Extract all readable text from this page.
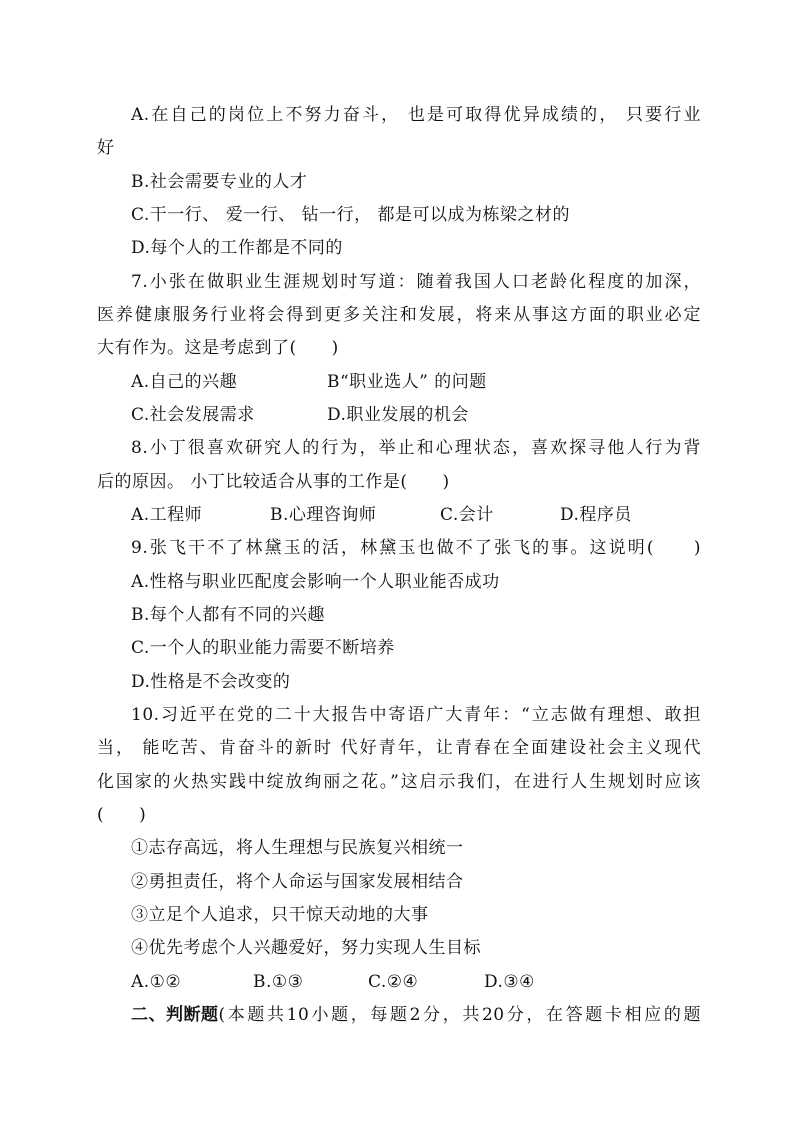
A.在自己的岗位上不努力奋斗， 也是可取得优异成绩的， 只要行业
好
B.社会需要专业的人才
C.干一行、 爱一行、 钻一行， 都是可以成为栋梁之材的
D.每个人的工作都是不同的
7.小张在做职业生涯规划时写道：随着我国人口老龄化程度的加深，
医养健康服务行业将会得到更多关注和发展，将来从事这方面的职业必定
大有作为。这是考虑到了(　　)
A.自己的兴趣	B“职业选人” 的问题
C.社会发展需求	D.职业发展的机会
8.小丁很喜欢研究人的行为，举止和心理状态，喜欢探寻他人行为背
后的原因。 小丁比较适合从事的工作是(　　)
A.工程师	B.心理咨询师	C.会计	D.程序员
9.张飞干不了林黛玉的活，林黛玉也做不了张飞的事。这说明(　　)
A.性格与职业匹配度会影响一个人职业能否成功
B.每个人都有不同的兴趣
C.一个人的职业能力需要不断培养
D.性格是不会改变的
10.习近平在党的二十大报告中寄语广大青年：“立志做有理想、敢担
当， 能吃苦、肯奋斗的新时 代好青年，让青春在全面建设社会主义现代
化国家的火热实践中绽放绚丽之花。”这启示我们，在进行人生规划时应该
(　　)
①志存高远，将人生理想与民族复兴相统一
②勇担责任，将个人命运与国家发展相结合
③立足个人追求，只干惊天动地的大事
④优先考虑个人兴趣爱好，努力实现人生目标
A.①②	B.①③	C.②④	D.③④
二、判断题 (本题共10小题，每题2分，共20分，在答题卡相应的题
